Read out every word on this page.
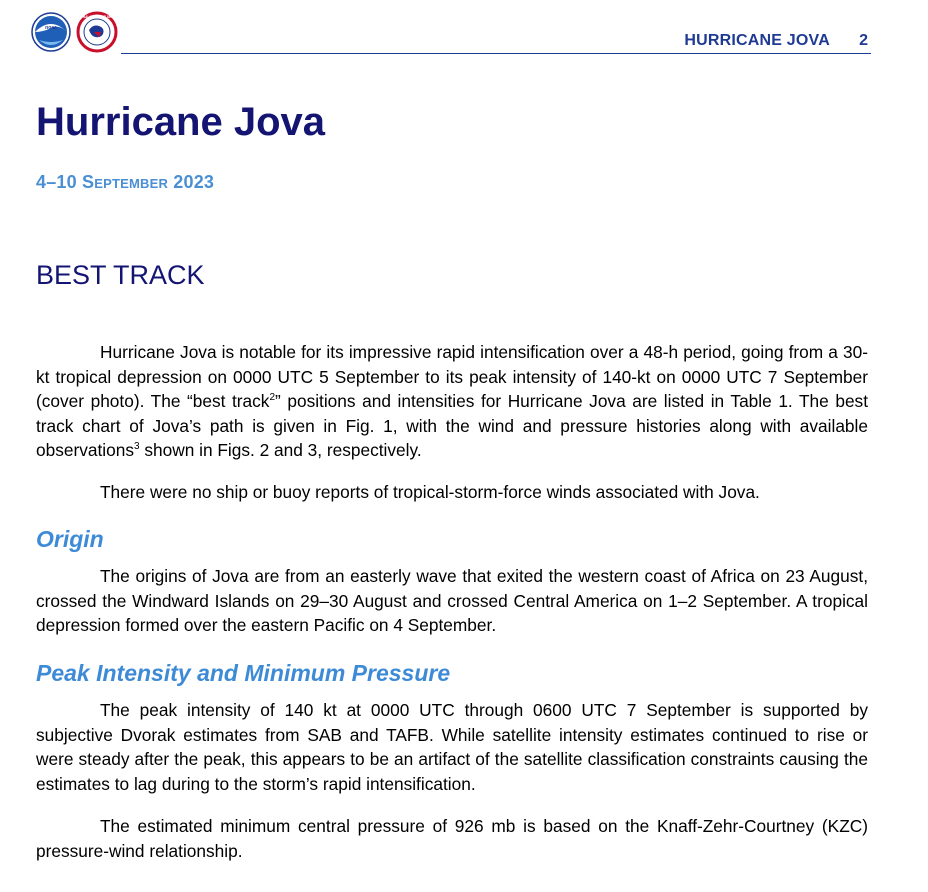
noaa
NATIONAL WEATHER SERVICE
HURRICANE JOVA 2
Hurricane Jova

4–10 September 2023

BEST TRACK

Hurricane Jova is notable for its impressive rapid intensification over a 48-h period, going from a 30-kt tropical depression on 0000 UTC 5 September to its peak intensity of 140-kt on 0000 UTC 7 September (cover photo). The “best track$^2$” positions and intensities for Hurricane Jova are listed in Table 1. The best track chart of Jova’s path is given in Fig. 1, with the wind and pressure histories along with available observations$^3$ shown in Figs. 2 and 3, respectively.

There were no ship or buoy reports of tropical-storm-force winds associated with Jova.

Origin

The origins of Jova are from an easterly wave that exited the western coast of Africa on 23 August, crossed the Windward Islands on 29–30 August and crossed Central America on 1–2 September. A tropical depression formed over the eastern Pacific on 4 September.

Peak Intensity and Minimum Pressure

The peak intensity of 140 kt at 0000 UTC through 0600 UTC 7 September is supported by subjective Dvorak estimates from SAB and TAFB. While satellite intensity estimates continued to rise or were steady after the peak, this appears to be an artifact of the satellite classification constraints causing the estimates to lag during to the storm’s rapid intensification.

The estimated minimum central pressure of 926 mb is based on the Knaff-Zehr-Courtney (KZC) pressure-wind relationship.
